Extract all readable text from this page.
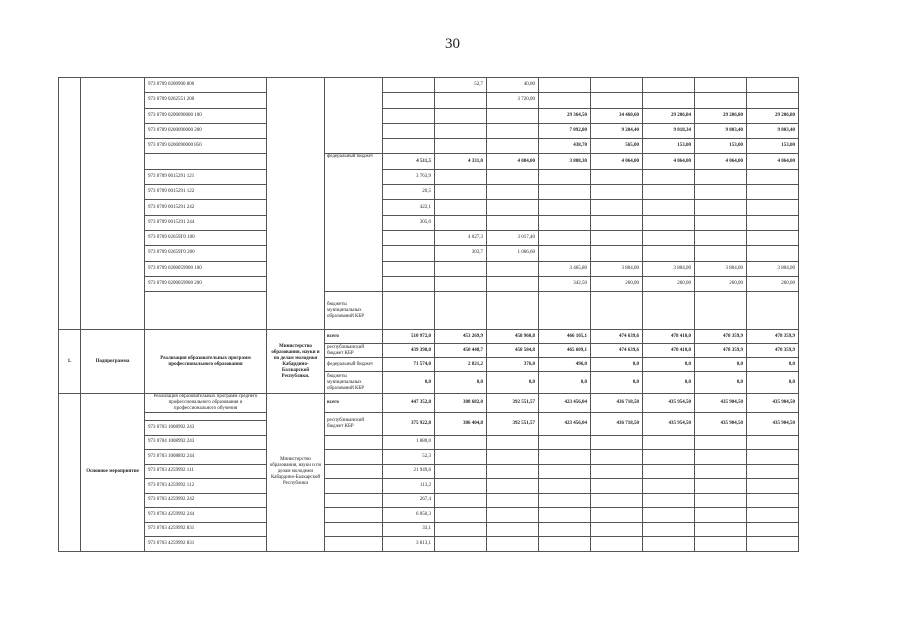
30
		973 0709 0200900 800				52,7	40,00						
		973 0709 0262551 200					3 720,00						
		973 0709 0200090000 100						29 364,50	34 460,60	29 206,84	29 206,80	29 206,80	
		973 0709 0200090000 200						7 092,80	9 204,40	9 018,34	9 803,40	9 803,40	
		973 0709 0200090000 850						438,70	565,00	153,00	153,00	153,00	
				федеральный бюджет	4 511,5	4 331,0	4 084,00	3 808,30	4 064,00	4 064,00	4 064,00	4 064,00	
		973 0709 0015291 121			3 763,9								
		973 0709 0015291 122			20,5								
		973 0709 0015291 242			422,1								
		973 0709 0015291 244			305,0								
		973 0709 02659Г0 100				4 027,3	3 017,40						
		973 0709 02659Г0 200				303,7	1 066,60						
		973 0709 0200059900 100						3 465,80	3 804,00	3 804,00	3 804,00	3 804,00	
		973 0709 0200059900 200						342,50	260,00	260,00	260,00	260,00	
				бюджеты муниципальных образований КБР									
1.	Подпрограмма	Реализация образовательных программ профессионального образования	Министерство образования, науки и по делам молодежи Кабардино-Балкарской Республики.	всего	510 972,0	453 269,9	458 960,8	466 105,1	474 639,6	478 410,0	478 359,9	478 359,9	
				республиканский бюджет КБР	439 398,0	450 448,7	458 584,8	465 609,1	474 639,6	478 410,0	478 359,9	478 359,9	
				федеральный бюджет	71 574,0	2 821,2	376,0	496,0	0,0	0,0	0,0	0,0	
				бюджеты муниципальных образований КБР	0,0	0,0	0,0	0,0	0,0	0,0	0,0	0,0	
	Основное мероприятие	Реализация образовательных программ среднего профессионального образования и профессионального обучения	Министерство образования, науки и по делам молодежи Кабардино-Балкарской Республики	всего	447 352,8	388 682,0	392 551,57	423 456,04	436 718,50	435 954,50	435 904,50	435 904,50	
				республиканский бюджет КБР	375 922,8	386 404,8	392 551,57	423 456,04	436 718,50	435 954,50	435 904,50	435 904,50	
		973 0703 1008992 243								
		973 0704 1008992 243			1 880,0								
		973 0703 1008892 244			52,3								
		973 0703 4259992 111			21 949,6								
		973 0703 4259992 112			113,2								
		973 0703 4259992 242			267,4								
		973 0703 4259992 244			6 050,3								
		973 0703 4259992 831			33,1								
		973 0703 4259992 831			3 813,1								
